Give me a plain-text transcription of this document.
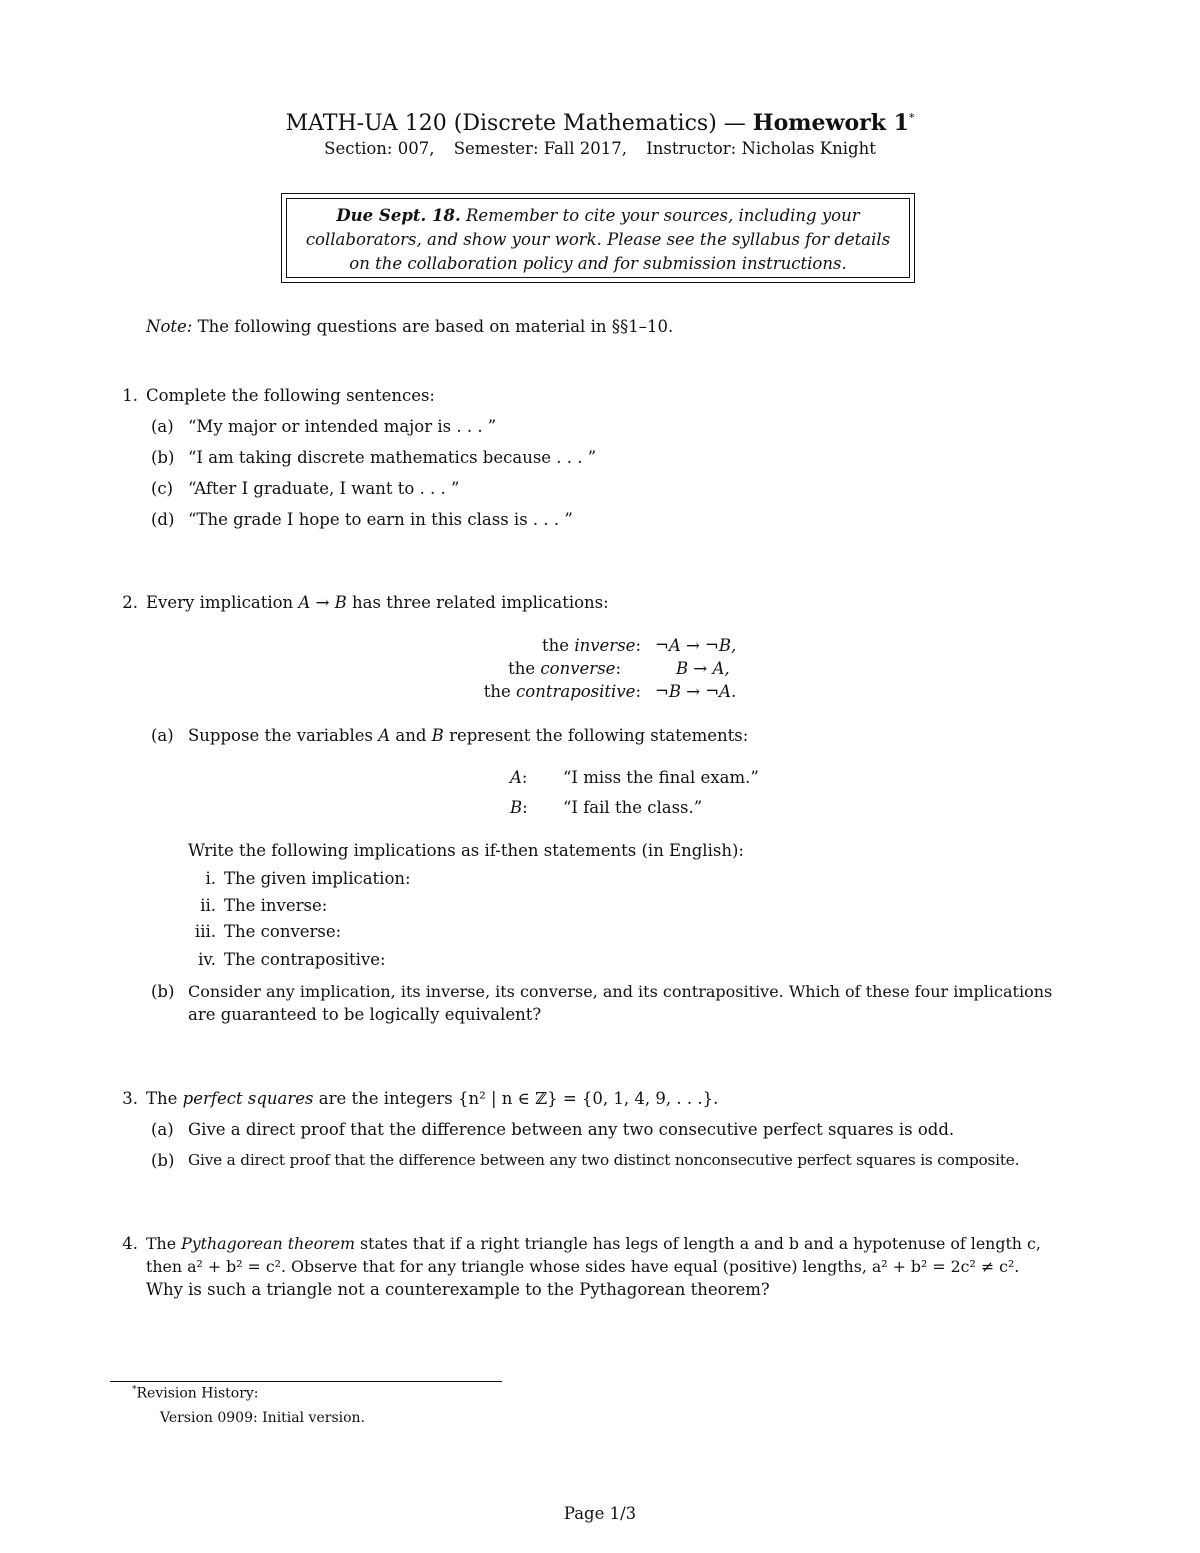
MATH-UA 120 (Discrete Mathematics) — Homework 1*
Section: 007, Semester: Fall 2017, Instructor: Nicholas Knight
Due Sept. 18. Remember to cite your sources, including your
collaborators, and show your work. Please see the syllabus for details
on the collaboration policy and for submission instructions.
Note: The following questions are based on material in §§1–10.
1. Complete the following sentences:
(a) “My major or intended major is . . . ”
(b) “I am taking discrete mathematics because . . . ”
(c) “After I graduate, I want to . . . ”
(d) “The grade I hope to earn in this class is . . . ”
2. Every implication A → B has three related implications:
the inverse: ¬A → ¬B,
the converse:	B → A,
the contrapositive: ¬B → ¬A.
(a) Suppose the variables A and B represent the following statements:
A: “I miss the final exam.”
B: “I fail the class.”
Write the following implications as if-then statements (in English):
i. The given implication:
ii. The inverse:
iii. The converse:
iv. The contrapositive:
(b) Consider any implication, its inverse, its converse, and its contrapositive. Which of these four implications
are guaranteed to be logically equivalent?
3. The perfect squares are the integers {n² | n ∈ ℤ} = {0, 1, 4, 9, . . .}.
(a) Give a direct proof that the difference between any two consecutive perfect squares is odd.
(b) Give a direct proof that the difference between any two distinct nonconsecutive perfect squares is composite.
4. The Pythagorean theorem states that if a right triangle has legs of length a and b and a hypotenuse of length c,
then a² + b² = c². Observe that for any triangle whose sides have equal (positive) lengths, a² + b² = 2c² ≠ c².
Why is such a triangle not a counterexample to the Pythagorean theorem?
*Revision History:
Version 0909: Initial version.
Page 1/3
